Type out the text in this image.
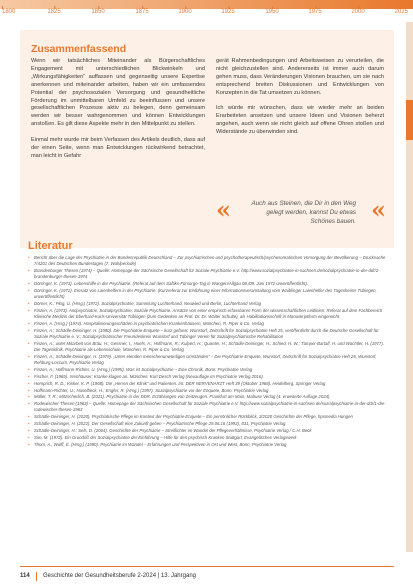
1800	1825	1850	1875	1900	1925	1950	1975	2000	2025
Zusammenfassend

Wenn wir tatsächliches Miteinander als Bürgerschaftliches Engagement mit unterschiedlichen Blickwinkeln und „Wirkungsfähigkeiten“ auffassen und gegenseitig unsere Expertise anerkennen und miteinander arbeiten, haben wir ein umfassendes Potential der psychosozialen Versorgung und gesundheitliche Förderung im unmittelbaren Umfeld zu beeinflussen und unsere gesellschaftlichen Prozesse aktiv zu belegen, denn gemeinsam werden wir besser wahrgenommen und können Entwicklungen anstoßen. Es gilt diese Aspekte mehr in den Mittelpunkt zu stellen.

Einmal mehr wurde mir beim Verfassen des Artikels deutlich, dass auf der einen Seite, wenn man Entwicklungen rückwirkend betrachtet, man leicht in Gefahr

gerät Rahmenbedingungen und Arbeitsweisen zu verurteilen, die nicht gleichzustellen sind. Andererseits ist immer auch darum gehen muss, dass Veränderungen Visionen brauchen, um sie nach entsprechend breiten Diskussionen und Entwicklungen von Konzepten in die Tat umsetzen zu können.

Ich würde mir wünschen, dass wir wieder mehr an beiden Erarbeiteten ansetzen und unsere Ideen und Visionen beherzt angehen, auch wenn sie nicht gleich auf offene Ohren stoßen und Widerstände zu überwinden sind.

«	Auch aus Steinen, die Dir in den Weg gelegt werden, kannst Du etwas Schönes bauen. «
Literatur
• Bericht über die Lage der Psychiatrie in der Bundesrepublik Deutschland – Zur psychiatrischen und psychotherapeutisch/psychosomatischen Versorgung der Bevölkerung – Drucksache 7/4201 des Deutschen Bundestages (7. Wahlperiode)
• Brandenburger Thesen (1974) – Quelle: Homepage der Sächsische Gesellschaft für Soziale Psychiatrie e.V. http://www.sozialpsychiatrie-in-sachsen.de/sozialpsychiatrie-in-der-ddr/2-brandenburger-thesen-1974
• Dörringer, K. (1973). Lebenshilfe in der Psychiatrie. (Referat auf dem Saftiks-Fürsorge-Tag in Wangen/Allgäu 08./09. Juni 1972 unveröffentlicht).
• Dörringer, K. (1972). Einsatz von Laienhelfern in der Psychiatrie. (Kurzreferat zur Einführung einer Informationsveranstaltung vom Waiblinger Laienhelfer des Tagesheims Tübingen, unveröffentlicht)
• Dörner, K.; Plog, U. (Hrsg.) (1972). Sozialpsychiatrie, Sammlung Luchterhand, Neuwied und Berlin, Luchterhand Verlag
• Finzen, A. (1973). Antipsychiatrie, Sozialpsychiatrie, Soziale Psychiatrie. Ansätze von einer empirisch erfassbaren Form der wissenschaftlichen Leitlinien. Referat auf dem Fachbereich Klinische Medizin der Eberhard-Karls-Universität Tübingen (zum Gedenken an Prof. Dr. Dr. Walter Schulte), als Habilitationsschrift in Manuskriptform eingereicht.
• Finzen, A. (Hrsg.) (1974). Hospitalisierungsschäden in psychiatrischen Krankenhäusern, München, R. Piper & Co. Verlag
• Finzen, A.; Schädle-Deininger, H. (1980). Die Psychiatrie-Enquete – kurz gefasst. Wunstorf, Zeitschrift für Sozialpsychiatrie Heft 25, veröffentlicht durch die Deutsche Gesellschaft für Soziale Psychiatrie e. V.; Sozialpsychiatrischer Freundeskreis Wunstorf und Tübinger Verein für Sozialpsychiatrische Rehabilitation
• Finzen, A.; unter Mitarbeit von Bräu, H.; Gessner, I.; Hoefs, A.; Hoffmann, R.; Kulpert, H.; Quanter, H.; Schädle-Deininger, H.; Schied, H. W.; Tümper-Bartalf, H. und Wachtler, H. (1977). Die Tagesklinik, Psychiatrie als Lebensschule, München, R. Piper & Co. Verlag
• Finzen, A.; Schädle-Deininger, H. (1979). „Unter elenden menschenunwürdigen Umständen“ – Die Psychiatrie-Enquete, Wunstorf, Zeitschrift für Sozialpsychiatrie Heft 25, Wunstorf, Rehburg-Loccum, Psychiatrie Verlag
• Finzen, A.; Hoffmann-Richter, U. (Hrsg.) (1995). Was ist Sozialpsychiatrie – Eine Chronik, Bonn: Psychiatrie Verlag
• Fischer, F. (1969). Irrenhäuser: Kranke klagen an. München: Kurt Desch Verlag (Neuauflage im Psychiatrie Verlag 2016).
• Hemprich, R. D.; Kisker, K. P. (1968). Die „Herren der Klinik“ und Patienten. Im: DER NERVENARZT Heft 39 (Oktober 1968), Heidelberg, Springer Verlag
• Hoffmann-Richter, U.; Haselbeck, H.; Engfer, R. (Hrsg.) (1997). Sozialpsychiatrie vor der Enquete, Bonn: Psychiatrie Verlag
• Müller, T. R.; Mitzscherlich, B. (2021). Psychiatrie in der DDR. Erzählungen von Zeitzeugen. Frankfurt am Main, Mabuse Verlag (4. erweiterte Auflage 2024)
• Rodewischer Thesen (1963) – Quelle: Homepage der Sächsischen Gesellschaft für Soziale Psychiatrie e.V. http://www.sozialpsychiatrie-in-sachsen.de/sozialpsychiatrie-in-der-ddr/1-die-rodewischer-thesen-1963
• Schädle-Deininger, H. (2020). Psychiatrische Pflege im Kontext der Psychiatrie-Enquete – Ein persönlicher Rückblick, 3/2020 Geschichte der Pflege, hpsmedia Hungen
• Schädle-Deininger, H. (2022). Der Gesellschaft eine Zukunft geben – Psychiatrische Pflege 29.06.16 (1993), 831, Psychiatrie Verlag
• Schädle-Deininger, H.; Sels, D. (2004). Geschichte der Psychiatrie – Streiflichter im Wandel der Pflegeverhältnisse, Psychiatrie Verlag / C.H. Beck
• Sim, M. (1972). Ein Grundriß der Sozialpsychiatrie der Einführung – Hilfe für den psychisch Kranken Stuttgart, Evangelisches Verlagswerk
• Thom, A.; Wulff, E. (Hrsg.) (1990). Psychiatrie im Wandel – Erfahrungen und Perspektiven in Ost und West, Bonn, Psychiatrie Verlag
114 Geschichte der Gesundheitsberufe 2-2024 | 13. Jahrgang
